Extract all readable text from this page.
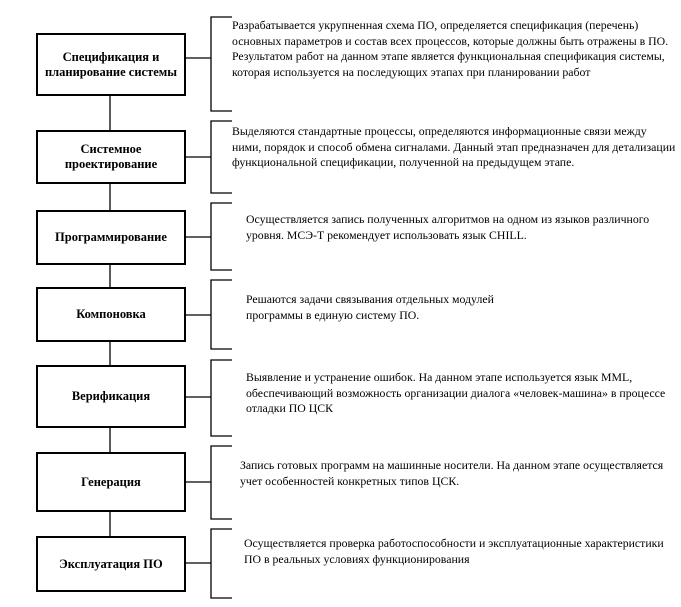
Спецификация и планирование системы
Системное проектирование
Программирование
Компоновка
Верификация
Генерация
Эксплуатация ПО
Разрабатывается укрупненная схема ПО, определяется спецификация (перечень) основных параметров и состав всех процессов, которые должны быть отражены в ПО. Результатом работ на данном этапе является функциональная спецификация системы, которая используется на последующих этапах при планировании работ
Выделяются стандартные процессы, определяются информационные связи между ними, порядок и способ обмена сигналами. Данный этап предназначен для детализации функциональной спецификации, полученной на предыдущем этапе.
Осуществляется запись полученных алгоритмов на одном из языков различного уровня. МСЭ-Т рекомендует использовать язык CHILL.
Решаются задачи связывания отдельных модулей программы в единую систему ПО.
Выявление и устранение ошибок. На данном этапе используется язык MML, обеспечивающий возможность организации диалога «человек-машина» в процессе отладки ПО ЦСК
Запись готовых программ на машинные носители. На данном этапе осуществляется учет особенностей конкретных типов ЦСК.
Осуществляется проверка работоспособности и эксплуатационные характеристики ПО в реальных условиях функционирования
